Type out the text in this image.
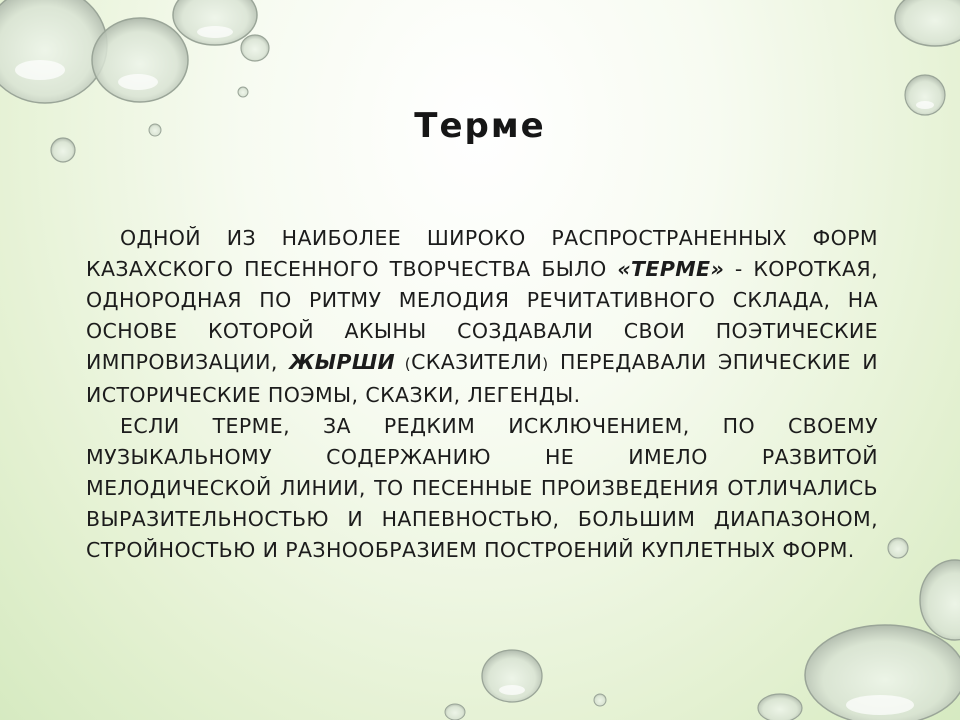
Терме

ОДНОЙ ИЗ НАИБОЛЕЕ ШИРОКО РАСПРОСТРАНЕННЫХ ФОРМ КАЗАХСКОГО ПЕСЕННОГО ТВОРЧЕСТВА БЫЛО «ТЕРМЕ» - КОРОТКАЯ, ОДНОРОДНАЯ ПО РИТМУ МЕЛОДИЯ РЕЧИТАТИВНОГО СКЛАДА, НА ОСНОВЕ КОТОРОЙ АКЫНЫ СОЗДАВАЛИ СВОИ ПОЭТИЧЕСКИЕ ИМПРОВИЗАЦИИ, ЖЫРШИ (СКАЗИТЕЛИ) ПЕРЕДАВАЛИ ЭПИЧЕСКИЕ И ИСТОРИЧЕСКИЕ ПОЭМЫ, СКАЗКИ, ЛЕГЕНДЫ.

ЕСЛИ ТЕРМЕ, ЗА РЕДКИМ ИСКЛЮЧЕНИЕМ, ПО СВОЕМУ МУЗЫКАЛЬНОМУ СОДЕРЖАНИЮ НЕ ИМЕЛО РАЗВИТОЙ МЕЛОДИЧЕСКОЙ ЛИНИИ, ТО ПЕСЕННЫЕ ПРОИЗВЕДЕНИЯ ОТЛИЧАЛИСЬ ВЫРАЗИТЕЛЬНОСТЬЮ И НАПЕВНОСТЬЮ, БОЛЬШИМ ДИАПАЗОНОМ, СТРОЙНОСТЬЮ И РАЗНООБРАЗИЕМ ПОСТРОЕНИЙ КУПЛЕТНЫХ ФОРМ.
